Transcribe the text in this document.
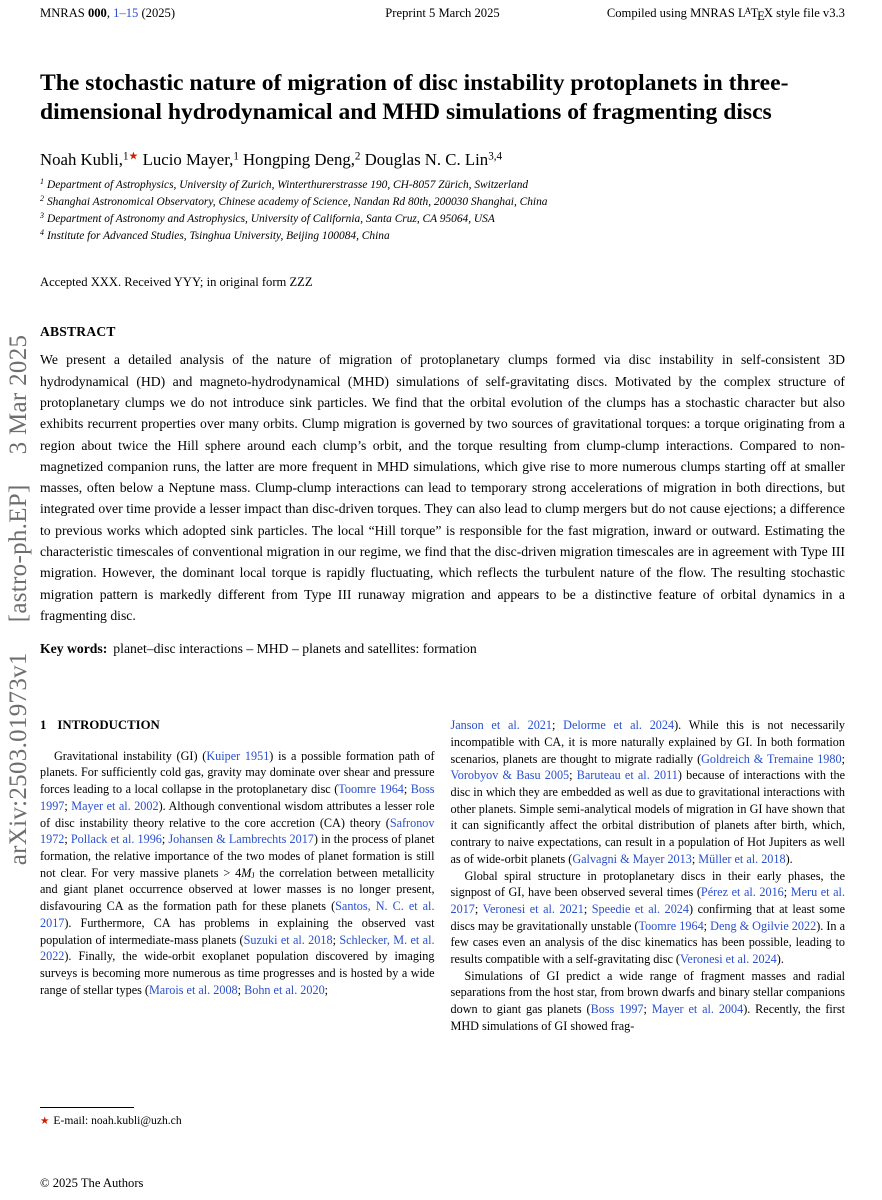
arXiv:2503.01973v1
[astro-ph.EP]
3 Mar 2025
MNRAS 000, 1–15 (2025)	Preprint 5 March 2025	Compiled using MNRAS $L^ATEX$ style file v3.3
The stochastic nature of migration of disc instability protoplanets in three-dimensional hydrodynamical and MHD simulations of fragmenting discs
Noah Kubli,$^{1★}$ Lucio Mayer,$^1$ Hongping Deng,$^2$ Douglas N. C. Lin$^{3,4}$
$^1$ Department of Astrophysics, University of Zurich, Winterthurerstrasse 190, CH-8057 Zürich, Switzerland
$^2$ Shanghai Astronomical Observatory, Chinese academy of Science, Nandan Rd 80th, 200030 Shanghai, China
$^3$ Department of Astronomy and Astrophysics, University of California, Santa Cruz, CA 95064, USA
$^4$ Institute for Advanced Studies, Tsinghua University, Beijing 100084, China
Accepted XXX. Received YYY; in original form ZZZ
ABSTRACT

We present a detailed analysis of the nature of migration of protoplanetary clumps formed via disc instability in self-consistent 3D hydrodynamical (HD) and magneto-hydrodynamical (MHD) simulations of self-gravitating discs. Motivated by the complex structure of protoplanetary clumps we do not introduce sink particles. We find that the orbital evolution of the clumps has a stochastic character but also exhibits recurrent properties over many orbits. Clump migration is governed by two sources of gravitational torques: a torque originating from a region about twice the Hill sphere around each clump’s orbit, and the torque resulting from clump-clump interactions. Compared to non-magnetized companion runs, the latter are more frequent in MHD simulations, which give rise to more numerous clumps starting off at smaller masses, often below a Neptune mass. Clump-clump interactions can lead to temporary strong accelerations of migration in both directions, but integrated over time provide a lesser impact than disc-driven torques. They can also lead to clump mergers but do not cause ejections; a difference to previous works which adopted sink particles. The local “Hill torque” is responsible for the fast migration, inward or outward. Estimating the characteristic timescales of conventional migration in our regime, we find that the disc-driven migration timescales are in agreement with Type III migration. However, the dominant local torque is rapidly fluctuating, which reflects the turbulent nature of the flow. The resulting stochastic migration pattern is markedly different from Type III runaway migration and appears to be a distinctive feature of orbital dynamics in a fragmenting disc.

Key words: planet–disc interactions – MHD – planets and satellites: formation

1 INTRODUCTION

Gravitational instability (GI) (Kuiper 1951) is a possible formation path of planets. For sufficiently cold gas, gravity may dominate over shear and pressure forces leading to a local collapse in the protoplanetary disc (Toomre 1964; Boss 1997; Mayer et al. 2002). Although conventional wisdom attributes a lesser role of disc instability theory relative to the core accretion (CA) theory (Safronov 1972; Pollack et al. 1996; Johansen & Lambrechts 2017) in the process of planet formation, the relative importance of the two modes of planet formation is still not clear. For very massive planets > 4MJ the correlation between metallicity and giant planet occurrence observed at lower masses is no longer present, disfavouring CA as the formation path for these planets (Santos, N. C. et al. 2017). Furthermore, CA has problems in explaining the observed vast population of intermediate-mass planets (Suzuki et al. 2018; Schlecker, M. et al. 2022). Finally, the wide-orbit exoplanet population discovered by imaging surveys is becoming more numerous as time progresses and is hosted by a wide range of stellar types (Marois et al. 2008; Bohn et al. 2020;

★ E-mail: noah.kubli@uzh.ch

Janson et al. 2021; Delorme et al. 2024). While this is not necessarily incompatible with CA, it is more naturally explained by GI. In both formation scenarios, planets are thought to migrate radially (Goldreich & Tremaine 1980; Vorobyov & Basu 2005; Baruteau et al. 2011) because of interactions with the disc in which they are embedded as well as due to gravitational interactions with other planets. Simple semi-analytical models of migration in GI have shown that it can significantly affect the orbital distribution of planets after birth, which, contrary to naive expectations, can result in a population of Hot Jupiters as well as of wide-orbit planets (Galvagni & Mayer 2013; Müller et al. 2018).

Global spiral structure in protoplanetary discs in their early phases, the signpost of GI, have been observed several times (Pérez et al. 2016; Meru et al. 2017; Veronesi et al. 2021; Speedie et al. 2024) confirming that at least some discs may be gravitationally unstable (Toomre 1964; Deng & Ogilvie 2022). In a few cases even an analysis of the disc kinematics has been possible, leading to results compatible with a self-gravitating disc (Veronesi et al. 2024).

Simulations of GI predict a wide range of fragment masses and radial separations from the host star, from brown dwarfs and binary stellar companions down to giant gas planets (Boss 1997; Mayer et al. 2004). Recently, the first MHD simulations of GI showed frag-

© 2025 The Authors
